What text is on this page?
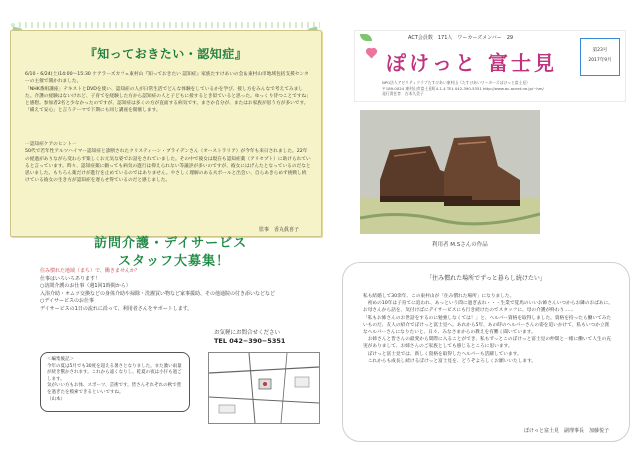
『知っておきたい・認知症』
6/10・6/24(土)14:00〜15:30 ケアラーズカフェ東村山『知っておきたい 認知症』家族たすけあいの会＆東村山市地域包括支援センターの主催で開かれました。
「NHK番組講座」テキストとDVDを使い、認知症の人が日常生活でどんな体験をしているかを学び、接し方をみんなで考えてみました。介護の経験はないけれど、子育てを経験した方から認知症の人と子どもに接するとき似ていると思った。ゆっくり待つことですね」と感想。参加者2名と少なかったのですが、認知症は多くの方が直面する病気です。まさか自分が、またはお家族が思う方が多いです。「備えて安心」と言うテーマで下期にも同じ講座を開催します。
一認知症ケアのヒント一
50代で若年性アルツハイマー認知症と診断されたクリスティーン・ブライデンさん（オーストラリア）が今年も来日されました。22年の経過がありながら変わらず楽しくお元気な姿でお話をされていました。その中で彼女は現在も認知症薬（アリセプト）に助けられていると言っています。時々、認知症薬に頼っても病気の進行は抑えられない等議評が多いのですが、彼女にはげんたとなっているのだなと思いました。もちろん薬だけが進行を止めているのではありません。やさしく理解のある夫ポールと出会い、自らあきらめず挑戦し続けている彼女の生き方が認知症を遅らせ得ているのだと感じました。
監事　香丸眞喜子
訪問介護・デイサービス
スタッフ大募集！
住み慣れた地域（まち）で、働きませんか？
仕事はいろいろあります！
○訪問介護のお仕事（週1回1時間から）
入浴介助・オムツ交換などの身体介助や掃除・洗濯買い物など家事援助、その他通院の付き添いなどなど
○デイサービスのお仕事
デイサービスの1日の流れに沿って、利用者さんをサポートします。
お気軽にお問合せください
TEL 042−390−5351
＜編集後記＞
今年の夏は5月でも30度を超える暑さとなりました。また激い雨量が続き驚かされます。これから遠くなりし、乾夏の夜は小仔も過ごします。
気がいい方もお体、スポーツ、芸術です。皆さんそれぞれの秋で豊を過ぎたを模索できるといいですね。
（山本）
ACT会員数　171人　ワーカーズメンバー　29
ぽけっと 富士見
第23号
2017年9月
NPO法人アビリティクラブたすけあい東村山（たすけあいワーカーズぽけっと富士見）
〒189-0024 東村山市富士見町4-1-4 TEL 042-390-5351 http://www.ac-acnet.ne.jp/~hm/
発行責任者　吉本久美子
利用者 M.Sさんの作品
「住み慣れた場所でずっと暮らし続けたい」
私も結婚して30余年、この東村山が「住み慣れた場所」になりました。
　初めの10年は子育てに追われ、あっという間に過ぎ去れ・・・生業で覚馬のいいお姉さんいつからお隣のおばあに。お母さんから話を、気付けばにデイサービスにも行き続けたのでスタッフに、母の介護が終わり……
「私もお姉さんのお世話をするのに勉強しなくては！」と、ヘルパー資格を取得しました。資格を持ったら働いてみたいものだ、友人の紹介でぽけっと富士見へ。あれから5年、あの時のヘルパーさんの姿を追いかけて、私もいつか立派なヘルパーさんになりたいと、日々、みなさまからの教えを有難く聞いています。
　お姉さんと皆さんの最愛から間際に入ることができ、私もずっとこのぽけっと富士見の仲間と一緒に働いて人生の充実がありまして、お姉さんのご家族としても感じるところに思います。
　ぽけっと富士見では、新しく資格を取得したヘルパーも活躍しています。
　これからも成長し続けるぽけっと富士見を、どうぞよろしくお願いいたします。
ぽけっと富士見　副理事長　加藤悦子
